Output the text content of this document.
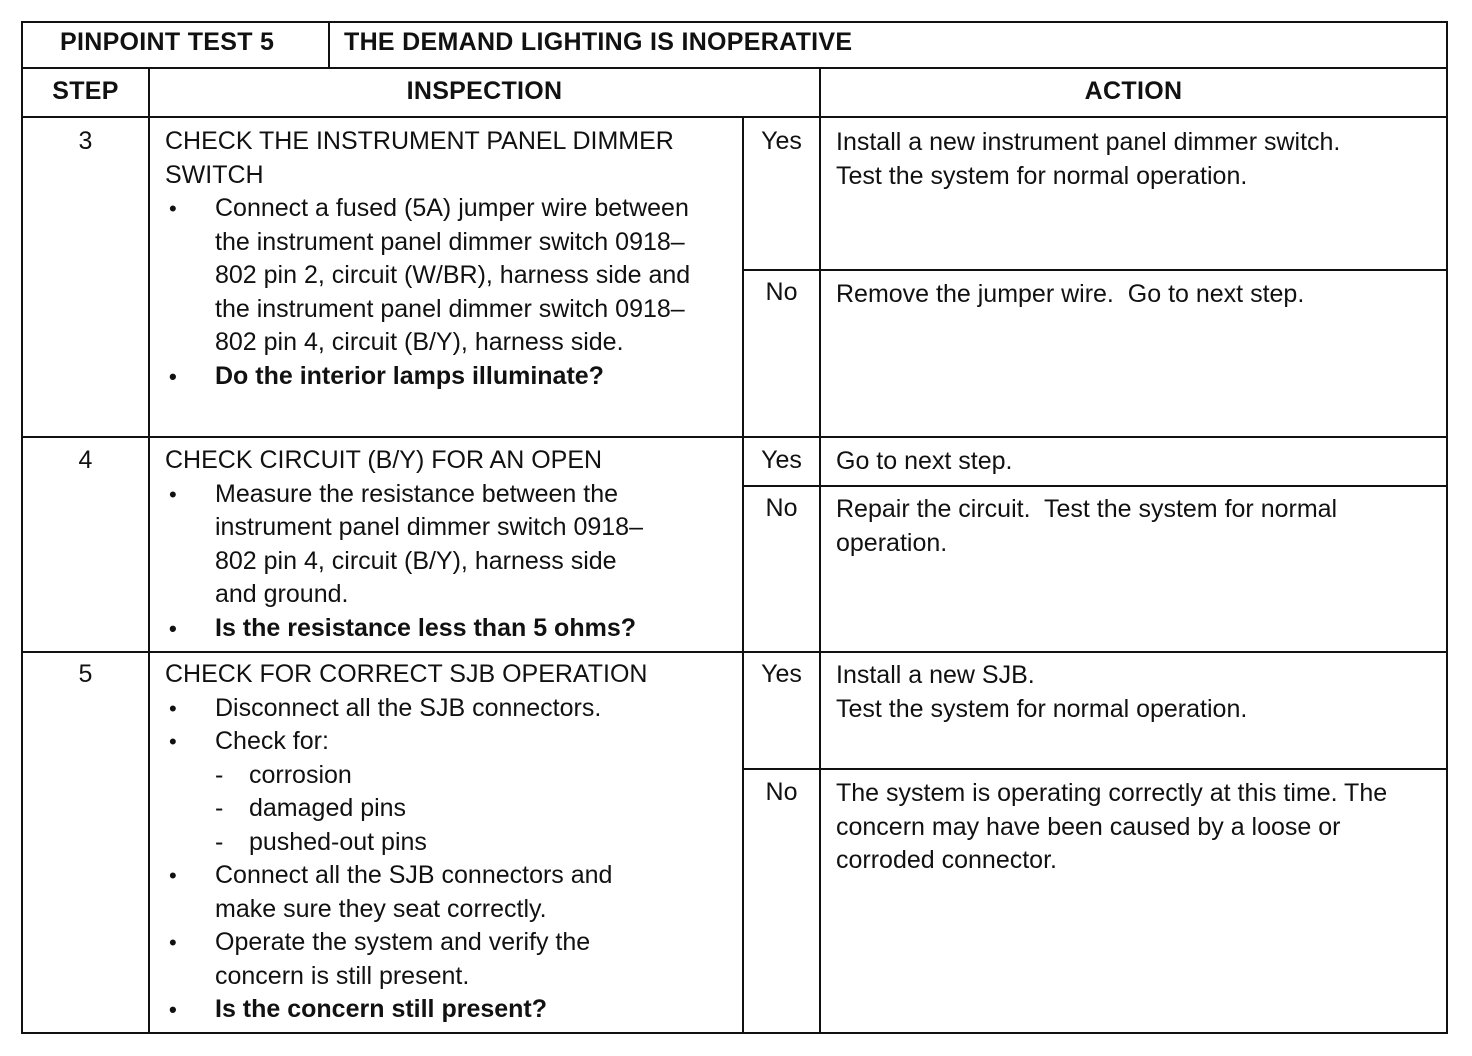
PINPOINT TEST 5	THE DEMAND LIGHTING IS INOPERATIVE
STEP	INSPECTION	ACTION
3	CHECK THE INSTRUMENT PANEL DIMMER
SWITCH
• Connect a fused (5A) jumper wire between the instrument panel dimmer switch 0918–802 pin 2, circuit (W/BR), harness side and the instrument panel dimmer switch 0918–802 pin 4, circuit (B/Y), harness side.
• Do the interior lamps illuminate?
Yes	Install a new instrument panel dimmer switch.
Test the system for normal operation.
No	Remove the jumper wire.  Go to next step.
4	CHECK CIRCUIT (B/Y) FOR AN OPEN
• Measure the resistance between the instrument panel dimmer switch 0918–802 pin 4, circuit (B/Y), harness side and ground.
• Is the resistance less than 5 ohms?
Yes	Go to next step.
No	Repair the circuit.  Test the system for normal operation.
5	CHECK FOR CORRECT SJB OPERATION
• Disconnect all the SJB connectors.
• Check for:
- corrosion
- damaged pins
- pushed-out pins
• Connect all the SJB connectors and make sure they seat correctly.
• Operate the system and verify the concern is still present.
• Is the concern still present?
Yes	Install a new SJB.
Test the system for normal operation.
No	The system is operating correctly at this time. The concern may have been caused by a loose or corroded connector.
